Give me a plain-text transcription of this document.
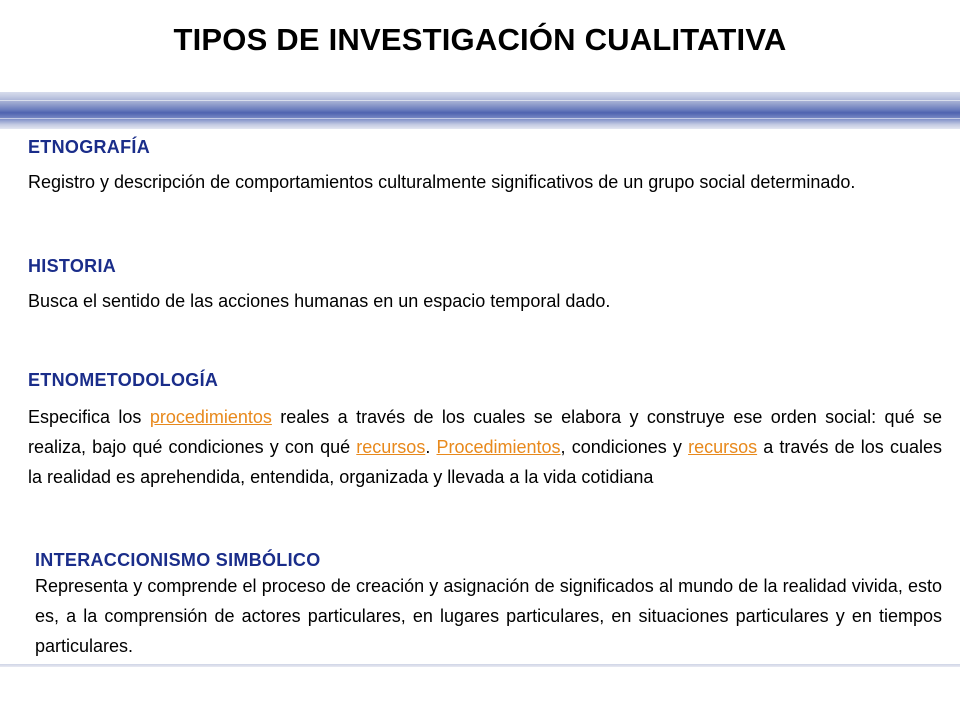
TIPOS DE INVESTIGACIÓN CUALITATIVA

ETNOGRAFÍA

Registro y descripción de comportamientos culturalmente significativos de un grupo social determinado.

HISTORIA

Busca el sentido de las acciones humanas en un espacio temporal dado.

ETNOMETODOLOGÍA

Especifica los procedimientos reales a través de los cuales se elabora y construye ese orden social: qué se realiza, bajo qué condiciones y con qué recursos. Procedimientos, condiciones y recursos a través de los cuales la realidad es aprehendida, entendida, organizada y llevada a la vida cotidiana

INTERACCIONISMO SIMBÓLICO

Representa y comprende el proceso de creación y asignación de significados al mundo de la realidad vivida, esto es, a la comprensión de actores particulares, en lugares particulares, en situaciones particulares y en tiempos particulares.
